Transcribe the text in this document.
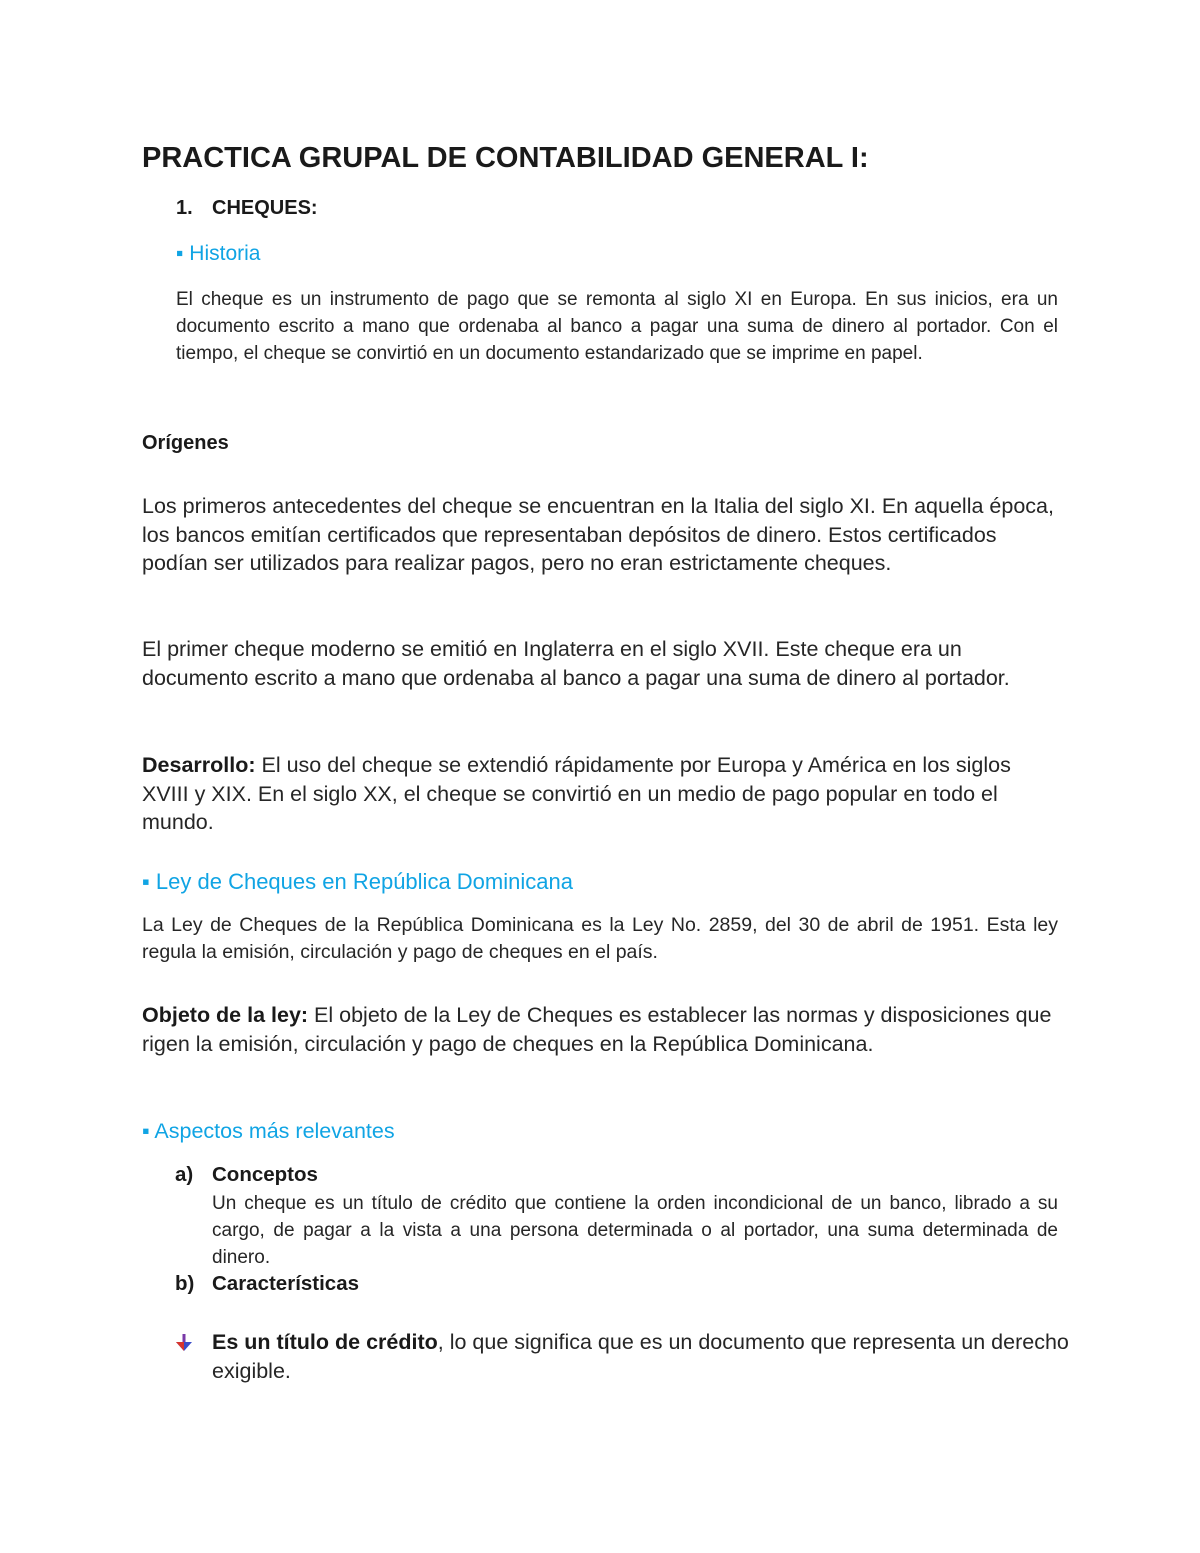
PRACTICA GRUPAL DE CONTABILIDAD GENERAL I:
1. CHEQUES:
▪ Historia

El cheque es un instrumento de pago que se remonta al siglo XI en Europa. En sus inicios, era un documento escrito a mano que ordenaba al banco a pagar una suma de dinero al portador. Con el tiempo, el cheque se convirtió en un documento estandarizado que se imprime en papel.

Orígenes

Los primeros antecedentes del cheque se encuentran en la Italia del siglo XI. En aquella época, los bancos emitían certificados que representaban depósitos de dinero. Estos certificados podían ser utilizados para realizar pagos, pero no eran estrictamente cheques.

El primer cheque moderno se emitió en Inglaterra en el siglo XVII. Este cheque era un documento escrito a mano que ordenaba al banco a pagar una suma de dinero al portador.

Desarrollo: El uso del cheque se extendió rápidamente por Europa y América en los siglos XVIII y XIX. En el siglo XX, el cheque se convirtió en un medio de pago popular en todo el mundo.

▪ Ley de Cheques en República Dominicana

La Ley de Cheques de la República Dominicana es la Ley No. 2859, del 30 de abril de 1951. Esta ley regula la emisión, circulación y pago de cheques en el país.

Objeto de la ley: El objeto de la Ley de Cheques es establecer las normas y disposiciones que rigen la emisión, circulación y pago de cheques en la República Dominicana.

▪ Aspectos más relevantes
a) Conceptos

Un cheque es un título de crédito que contiene la orden incondicional de un banco, librado a su cargo, de pagar a la vista a una persona determinada o al portador, una suma determinada de dinero.

b) Características

Es un título de crédito, lo que significa que es un documento que representa un derecho exigible.
